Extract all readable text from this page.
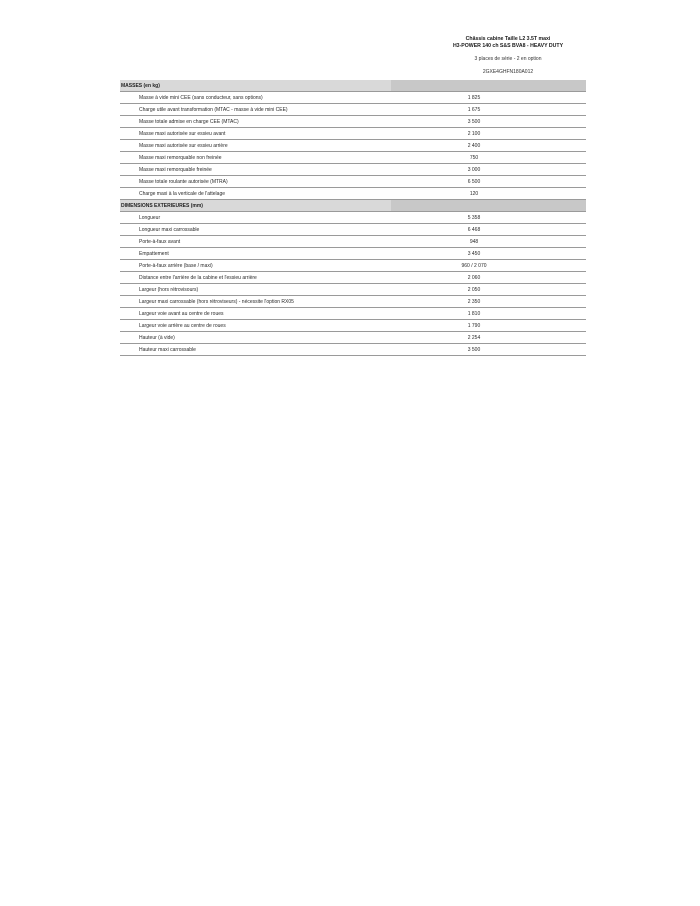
Châssis cabine Taille L2 3.5T maxi
H3-POWER 140 ch S&S BVA8 - HEAVY DUTY
3 places de série - 2 en option
2GXE4GHFN180A012
MASSES (en kg)
Masse à vide mini CEE (sans conducteur, sans options)	1 825
Charge utile avant transformation (MTAC - masse à vide mini CEE)	1 675
Masse totale admise en charge CEE (MTAC)	3 500
Masse maxi autorisée sur essieu avant	2 100
Masse maxi autorisée sur essieu arrière	2 400
Masse maxi remorquable non freinée	750
Masse maxi remorquable freinée	3 000
Masse totale roulante autorisée (MTRA)	6 500
Charge maxi à la verticale de l'attelage	120
DIMENSIONS EXTERIEURES (mm)
Longueur	5 358
Longueur maxi carrossable	6 468
Porte-à-faux avant	948
Empattement	3 450
Porte-à-faux arrière (base / maxi)	960 / 2 070
Distance entre l'arrière de la cabine et l'essieu arrière	2 060
Largeur (hors rétrovisours)	2 050
Largeur maxi carrossable (hors rétroviseurs) - nécessite l'option RX05	2 350
Largeur voie avant au centre de roues	1 810
Largeur voie arrière au centre de roues	1 790
Hauteur (à vide)	2 254
Hauteur maxi carrossable	3 500
